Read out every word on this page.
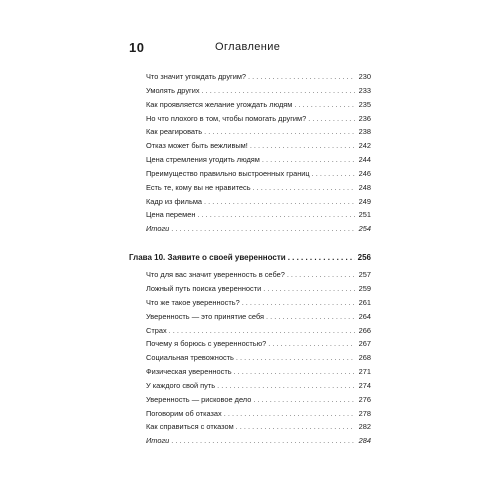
10	Оглавление
Что значит угождать другим? . . .	230
Умолять других . . .	233
Как проявляется желание угождать людям . . .	235
Но что плохого в том, чтобы помогать другим? . . .	236
Как реагировать . . .	238
Отказ может быть вежливым! . . .	242
Цена стремления угодить людям . . .	244
Преимущество правильно выстроенных границ . . .	246
Есть те, кому вы не нравитесь . . .	248
Кадр из фильма . . .	249
Цена перемен . . .	251
Итоги . . .	254
Глава 10. Заявите о своей уверенности . . .	256
Что для вас значит уверенность в себе? . . .	257
Ложный путь поиска уверенности . . .	259
Что же такое уверенность? . . .	261
Уверенность — это принятие себя . . .	264
Страх . . .	266
Почему я борюсь с уверенностью? . . .	267
Социальная тревожность . . .	268
Физическая уверенность . . .	271
У каждого свой путь . . .	274
Уверенность — рисковое дело . . .	276
Поговорим об отказах . . .	278
Как справиться с отказом . . .	282
Итоги . . .	284
